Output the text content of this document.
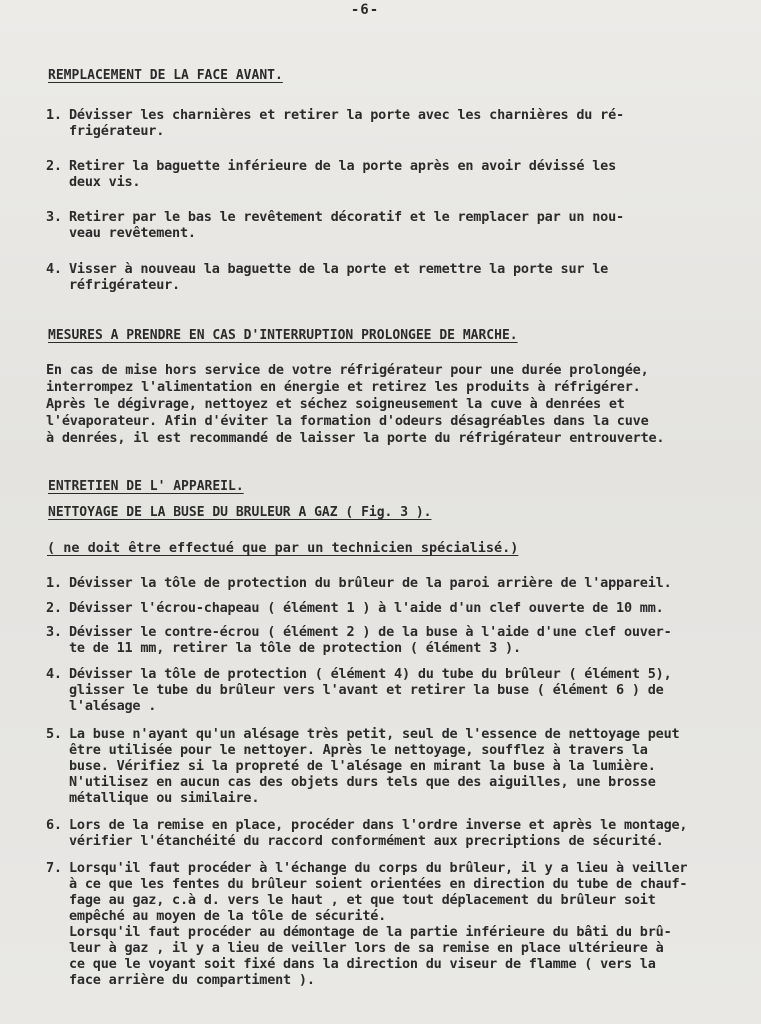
-6-
REMPLACEMENT DE LA FACE AVANT.
1. Dévisser les charnières et retirer la porte avec les charnières du ré-
frigérateur.
2. Retirer la baguette inférieure de la porte après en avoir dévissé les
deux vis.
3. Retirer par le bas le revêtement décoratif et le remplacer par un nou-
veau revêtement.
4. Visser à nouveau la baguette de la porte et remettre la porte sur le
réfrigérateur.
MESURES A PRENDRE EN CAS D'INTERRUPTION PROLONGEE DE MARCHE.
En cas de mise hors service de votre réfrigérateur pour une durée prolongée,
interrompez l'alimentation en énergie et retirez les produits à réfrigérer.
Après le dégivrage, nettoyez et séchez soigneusement la cuve à denrées et
l'évaporateur. Afin d'éviter la formation d'odeurs désagréables dans la cuve
à denrées, il est recommandé de laisser la porte du réfrigérateur entrouverte.
ENTRETIEN DE L' APPAREIL.
NETTOYAGE DE LA BUSE DU BRULEUR A GAZ ( Fig. 3 ).
( ne doit être effectué que par un technicien spécialisé.)
1. Dévisser la tôle de protection du brûleur de la paroi arrière de l'appareil.
2. Dévisser l'écrou-chapeau ( élément 1 ) à l'aide d'un clef ouverte de 10 mm.
3. Dévisser le contre-écrou ( élément 2 ) de la buse à l'aide d'une clef ouver-
te de 11 mm, retirer la tôle de protection ( élément 3 ).
4. Dévisser la tôle de protection ( élément 4) du tube du brûleur ( élément 5),
glisser le tube du brûleur vers l'avant et retirer la buse ( élément 6 ) de
l'alésage .
5. La buse n'ayant qu'un alésage très petit, seul de l'essence de nettoyage peut
être utilisée pour le nettoyer. Après le nettoyage, soufflez à travers la
buse. Vérifiez si la propreté de l'alésage en mirant la buse à la lumière.
N'utilisez en aucun cas des objets durs tels que des aiguilles, une brosse
métallique ou similaire.
6. Lors de la remise en place, procéder dans l'ordre inverse et après le montage,
vérifier l'étanchéité du raccord conformément aux precriptions de sécurité.
7. Lorsqu'il faut procéder à l'échange du corps du brûleur, il y a lieu à veiller
à ce que les fentes du brûleur soient orientées en direction du tube de chauf-
fage au gaz, c.à d. vers le haut , et que tout déplacement du brûleur soit
empêché au moyen de la tôle de sécurité.
Lorsqu'il faut procéder au démontage de la partie inférieure du bâti du brû-
leur à gaz , il y a lieu de veiller lors de sa remise en place ultérieure à
ce que le voyant soit fixé dans la direction du viseur de flamme ( vers la
face arrière du compartiment ).
